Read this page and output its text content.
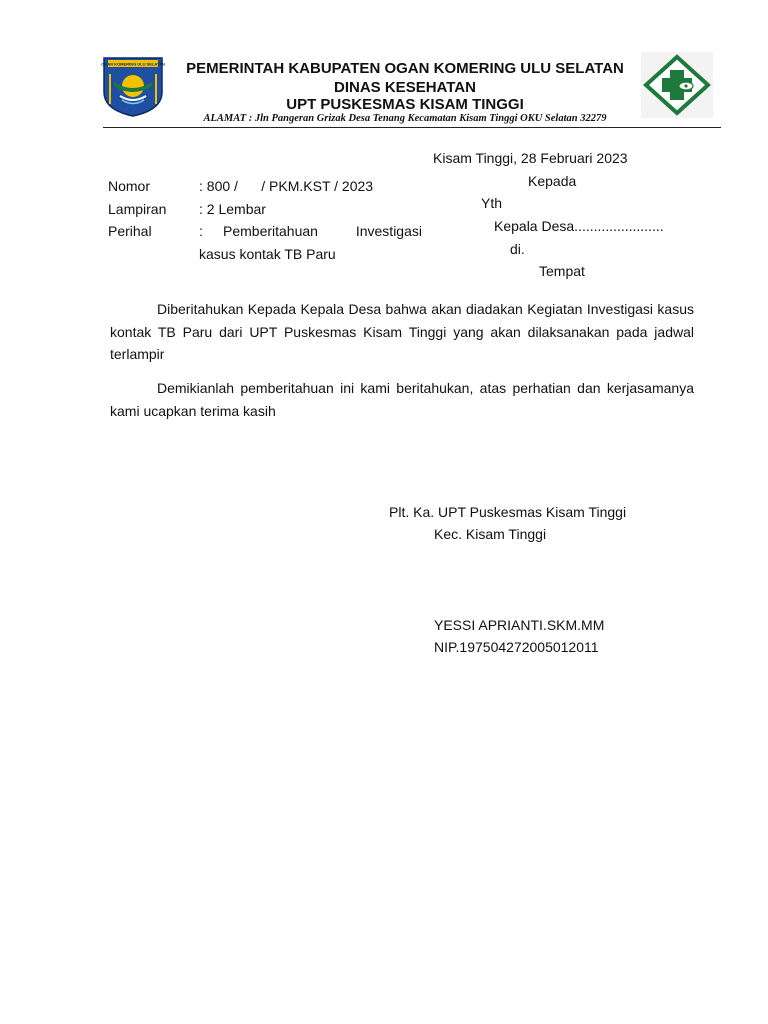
OGAN KOMERING ULU SELATAN	PEMERINTAH KABUPATEN OGAN KOMERING ULU SELATAN
DINAS KESEHATAN
UPT PUSKESMAS KISAM TINGGI
ALAMAT : Jln Pangeran Grizak Desa Tenang Kecamatan Kisam Tinggi OKU Selatan 32279
Kisam Tinggi, 28 Februari 2023
Nomor	: 800 /      / PKM.KST / 2023
Lampiran : 2 Lembar
Perihal	: Pemberitahuan Investigasi
kasus kontak TB Paru
Kepada
Yth
Kepala Desa.......................
di.
Tempat
Diberitahukan Kepada Kepala Desa bahwa akan diadakan Kegiatan Investigasi kasus kontak TB Paru dari UPT Puskesmas Kisam Tinggi yang akan dilaksanakan pada jadwal terlampir
Demikianlah pemberitahuan ini kami beritahukan, atas perhatian dan kerjasamanya kami ucapkan terima kasih
Plt. Ka. UPT Puskesmas Kisam Tinggi
Kec. Kisam Tinggi
YESSI APRIANTI.SKM.MM
NIP.197504272005012011
